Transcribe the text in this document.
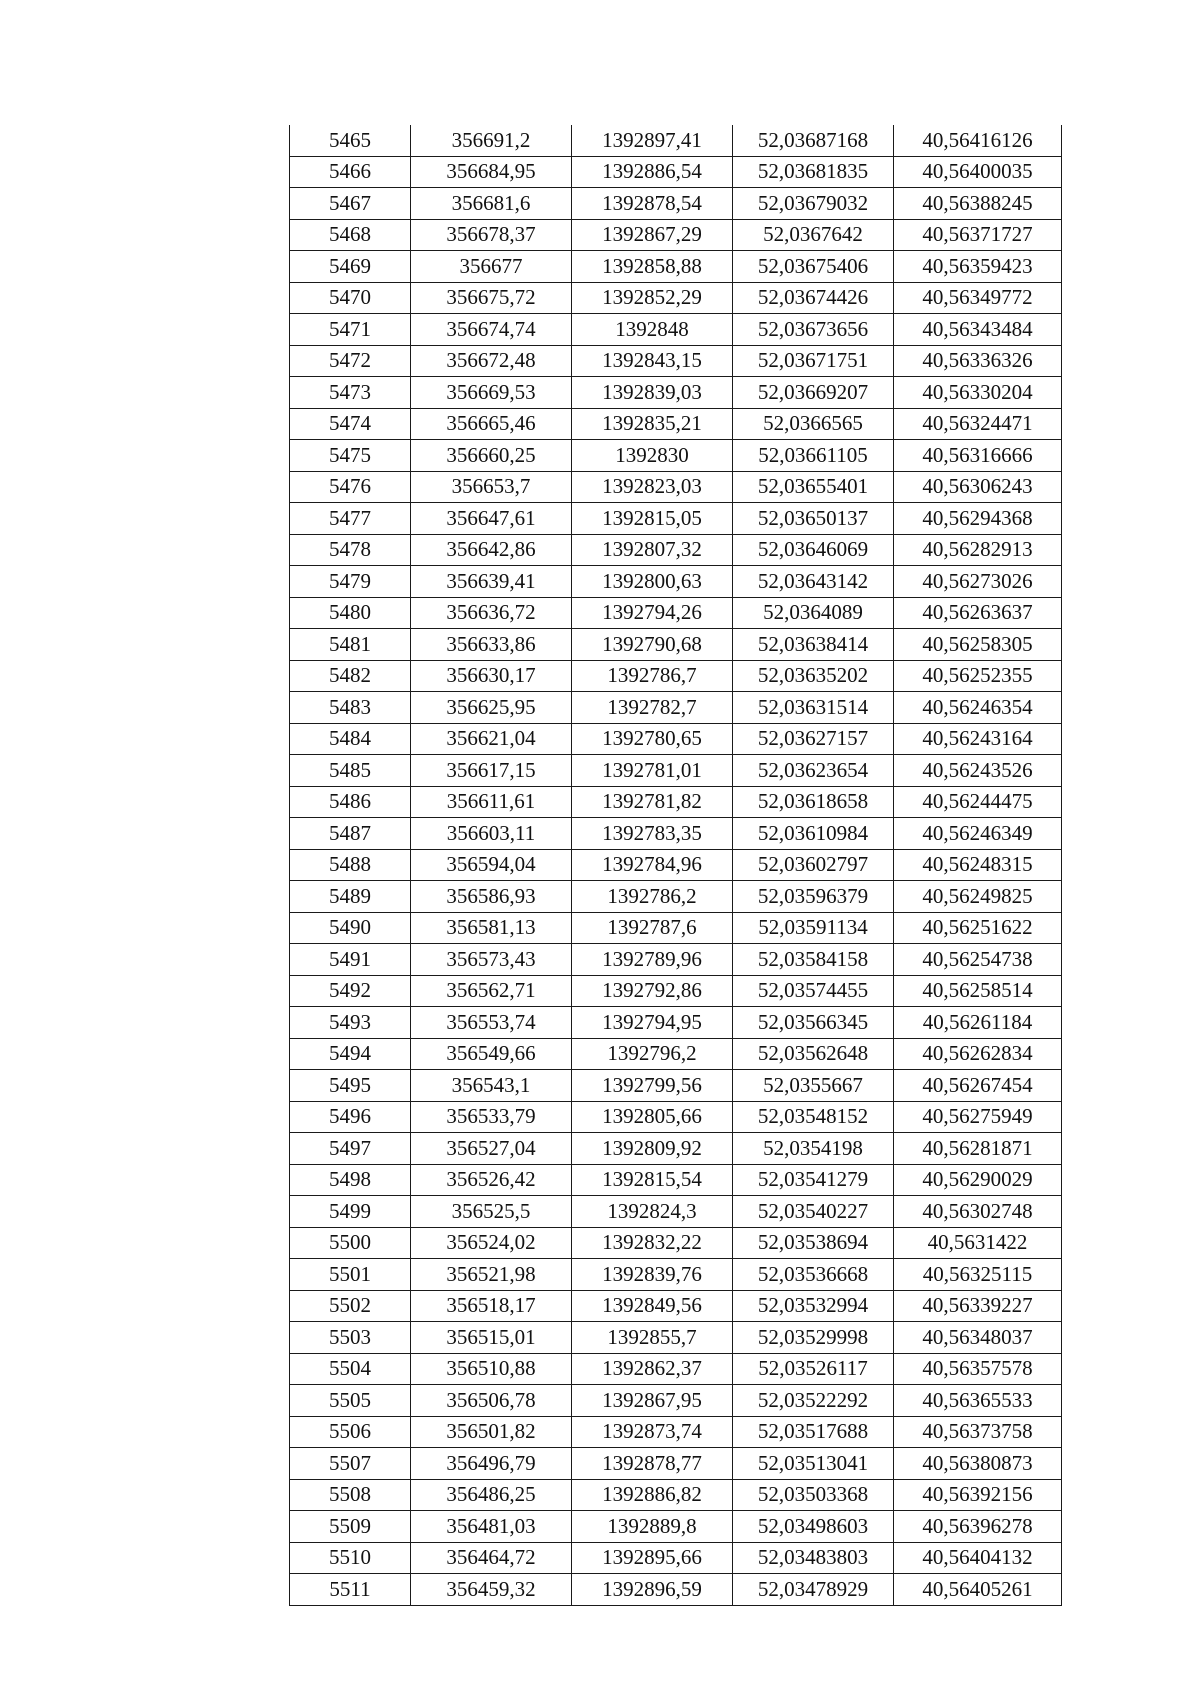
5465	356691,2	1392897,41	52,03687168	40,56416126
5466	356684,95	1392886,54	52,03681835	40,56400035
5467	356681,6	1392878,54	52,03679032	40,56388245
5468	356678,37	1392867,29	52,0367642	40,56371727
5469	356677	1392858,88	52,03675406	40,56359423
5470	356675,72	1392852,29	52,03674426	40,56349772
5471	356674,74	1392848	52,03673656	40,56343484
5472	356672,48	1392843,15	52,03671751	40,56336326
5473	356669,53	1392839,03	52,03669207	40,56330204
5474	356665,46	1392835,21	52,0366565	40,56324471
5475	356660,25	1392830	52,03661105	40,56316666
5476	356653,7	1392823,03	52,03655401	40,56306243
5477	356647,61	1392815,05	52,03650137	40,56294368
5478	356642,86	1392807,32	52,03646069	40,56282913
5479	356639,41	1392800,63	52,03643142	40,56273026
5480	356636,72	1392794,26	52,0364089	40,56263637
5481	356633,86	1392790,68	52,03638414	40,56258305
5482	356630,17	1392786,7	52,03635202	40,56252355
5483	356625,95	1392782,7	52,03631514	40,56246354
5484	356621,04	1392780,65	52,03627157	40,56243164
5485	356617,15	1392781,01	52,03623654	40,56243526
5486	356611,61	1392781,82	52,03618658	40,56244475
5487	356603,11	1392783,35	52,03610984	40,56246349
5488	356594,04	1392784,96	52,03602797	40,56248315
5489	356586,93	1392786,2	52,03596379	40,56249825
5490	356581,13	1392787,6	52,03591134	40,56251622
5491	356573,43	1392789,96	52,03584158	40,56254738
5492	356562,71	1392792,86	52,03574455	40,56258514
5493	356553,74	1392794,95	52,03566345	40,56261184
5494	356549,66	1392796,2	52,03562648	40,56262834
5495	356543,1	1392799,56	52,0355667	40,56267454
5496	356533,79	1392805,66	52,03548152	40,56275949
5497	356527,04	1392809,92	52,0354198	40,56281871
5498	356526,42	1392815,54	52,03541279	40,56290029
5499	356525,5	1392824,3	52,03540227	40,56302748
5500	356524,02	1392832,22	52,03538694	40,5631422
5501	356521,98	1392839,76	52,03536668	40,56325115
5502	356518,17	1392849,56	52,03532994	40,56339227
5503	356515,01	1392855,7	52,03529998	40,56348037
5504	356510,88	1392862,37	52,03526117	40,56357578
5505	356506,78	1392867,95	52,03522292	40,56365533
5506	356501,82	1392873,74	52,03517688	40,56373758
5507	356496,79	1392878,77	52,03513041	40,56380873
5508	356486,25	1392886,82	52,03503368	40,56392156
5509	356481,03	1392889,8	52,03498603	40,56396278
5510	356464,72	1392895,66	52,03483803	40,56404132
5511	356459,32	1392896,59	52,03478929	40,56405261
